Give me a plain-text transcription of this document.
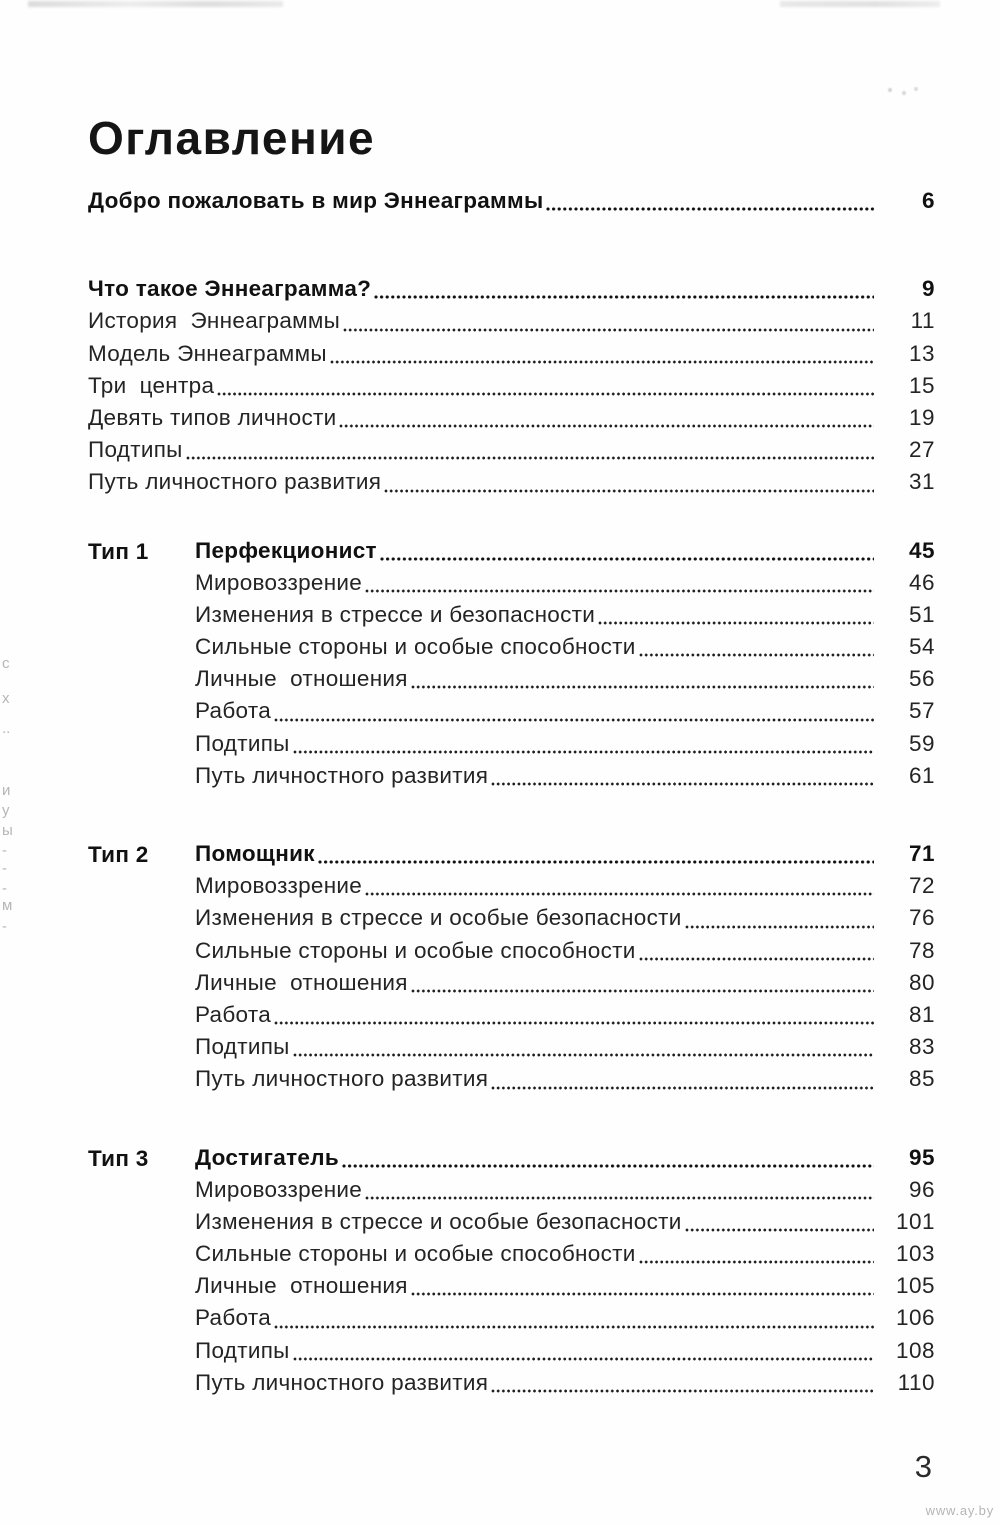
с
х
..
и
у
ы
-
-
-
м
-
Оглавление
Добро пожаловать в мир Эннеаграммы	6
Что такое Эннеаграмма?	9
История  Эннеаграммы	11
Модель Эннеаграммы	13
Три  центра	15
Девять типов личности	19
Подтипы	27
Путь личностного развития	31
Тип 1	Перфекционист	45
Мировоззрение	46
Изменения в стрессе и безопасности	51
Сильные стороны и особые способности	54
Личные  отношения	56
Работа	57
Подтипы	59
Путь личностного развития	61
Тип 2	Помощник	71
Мировоззрение	72
Изменения в стрессе и особые безопасности	76
Сильные стороны и особые способности	78
Личные  отношения	80
Работа	81
Подтипы	83
Путь личностного развития	85
Тип 3	Достигатель	95
Мировоззрение	96
Изменения в стрессе и особые безопасности	101
Сильные стороны и особые способности	103
Личные  отношения	105
Работа	106
Подтипы	108
Путь личностного развития	110
3
www.ay.by
